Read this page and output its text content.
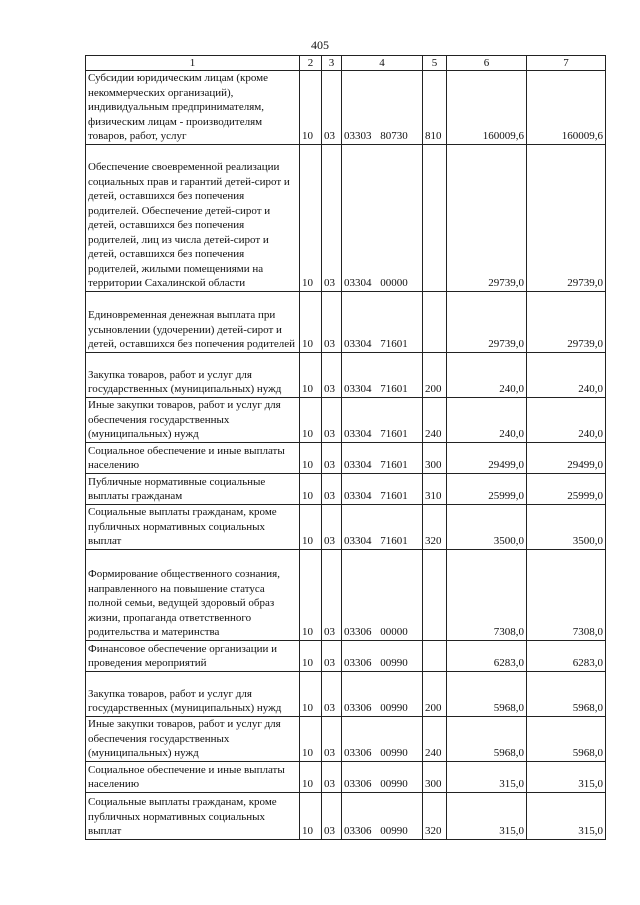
405
1	2	3	4	5	6	7
Субсидии юридическим лицам (кроме некоммерческих организаций), индивидуальным предпринимателям, физическим лицам - производителям товаров, работ, услуг	10	03	03303 80730	810	160009,6	160009,6
Обеспечение своевременной реализации социальных прав и гарантий детей-сирот и детей, оставшихся без попечения родителей. Обеспечение детей-сирот и детей, оставшихся без попечения родителей, лиц из числа детей-сирот и детей, оставшихся без попечения родителей, жилыми помещениями на территории Сахалинской области	10	03	03304 00000		29739,0	29739,0
Единовременная денежная выплата при усыновлении (удочерении) детей-сирот и детей, оставшихся без попечения родителей	10	03	03304 71601		29739,0	29739,0
Закупка товаров, работ и услуг для государственных (муниципальных) нужд	10	03	03304 71601	200	240,0	240,0
Иные закупки товаров, работ и услуг для обеспечения государственных (муниципальных) нужд	10	03	03304 71601	240	240,0	240,0
Социальное обеспечение и иные выплаты населению	10	03	03304 71601	300	29499,0	29499,0
Публичные нормативные социальные выплаты гражданам	10	03	03304 71601	310	25999,0	25999,0
Социальные выплаты гражданам, кроме публичных нормативных социальных выплат	10	03	03304 71601	320	3500,0	3500,0
Формирование общественного сознания, направленного на повышение статуса полной семьи, ведущей здоровый образ жизни, пропаганда ответственного родительства и материнства	10	03	03306 00000		7308,0	7308,0
Финансовое обеспечение организации и проведения мероприятий	10	03	03306 00990		6283,0	6283,0
Закупка товаров, работ и услуг для государственных (муниципальных) нужд	10	03	03306 00990	200	5968,0	5968,0
Иные закупки товаров, работ и услуг для обеспечения государственных (муниципальных) нужд	10	03	03306 00990	240	5968,0	5968,0
Социальное обеспечение и иные выплаты населению	10	03	03306 00990	300	315,0	315,0
Социальные выплаты гражданам, кроме публичных нормативных социальных выплат	10	03	03306 00990	320	315,0	315,0
